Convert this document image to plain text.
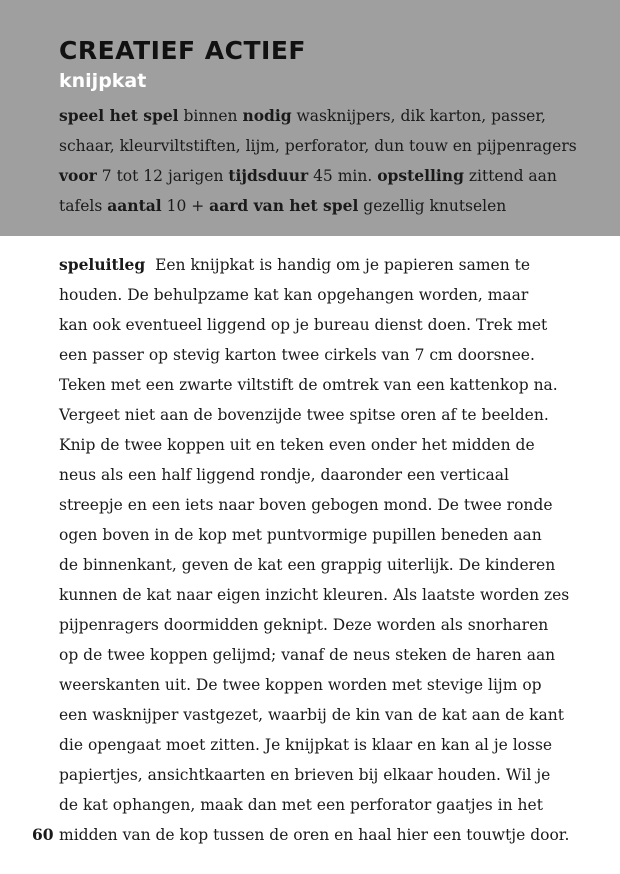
CREATIEF ACTIEF
knijpkat
speel het spel binnen nodig wasknijpers, dik karton, passer,
schaar, kleurviltstiften, lijm, perforator, dun touw en pijpenragers
voor 7 tot 12 jarigen tijdsduur 45 min. opstelling zittend aan
tafels aantal 10 + aard van het spel gezellig knutselen
speluitleg  Een knijpkat is handig om je papieren samen te
houden. De behulpzame kat kan opgehangen worden, maar
kan ook eventueel liggend op je bureau dienst doen. Trek met
een passer op stevig karton twee cirkels van 7 cm doorsnee.
Teken met een zwarte viltstift de omtrek van een kattenkop na.
Vergeet niet aan de bovenzijde twee spitse oren af te beelden.
Knip de twee koppen uit en teken even onder het midden de
neus als een half liggend rondje, daaronder een verticaal
streepje en een iets naar boven gebogen mond. De twee ronde
ogen boven in de kop met puntvormige pupillen beneden aan
de binnenkant, geven de kat een grappig uiterlijk. De kinderen
kunnen de kat naar eigen inzicht kleuren. Als laatste worden zes
pijpenragers doormidden geknipt. Deze worden als snorharen
op de twee koppen gelijmd; vanaf de neus steken de haren aan
weerskanten uit. De twee koppen worden met stevige lijm op
een wasknijper vastgezet, waarbij de kin van de kat aan de kant
die opengaat moet zitten. Je knijpkat is klaar en kan al je losse
papiertjes, ansichtkaarten en brieven bij elkaar houden. Wil je
de kat ophangen, maak dan met een perforator gaatjes in het
midden van de kop tussen de oren en haal hier een touwtje door.
60
